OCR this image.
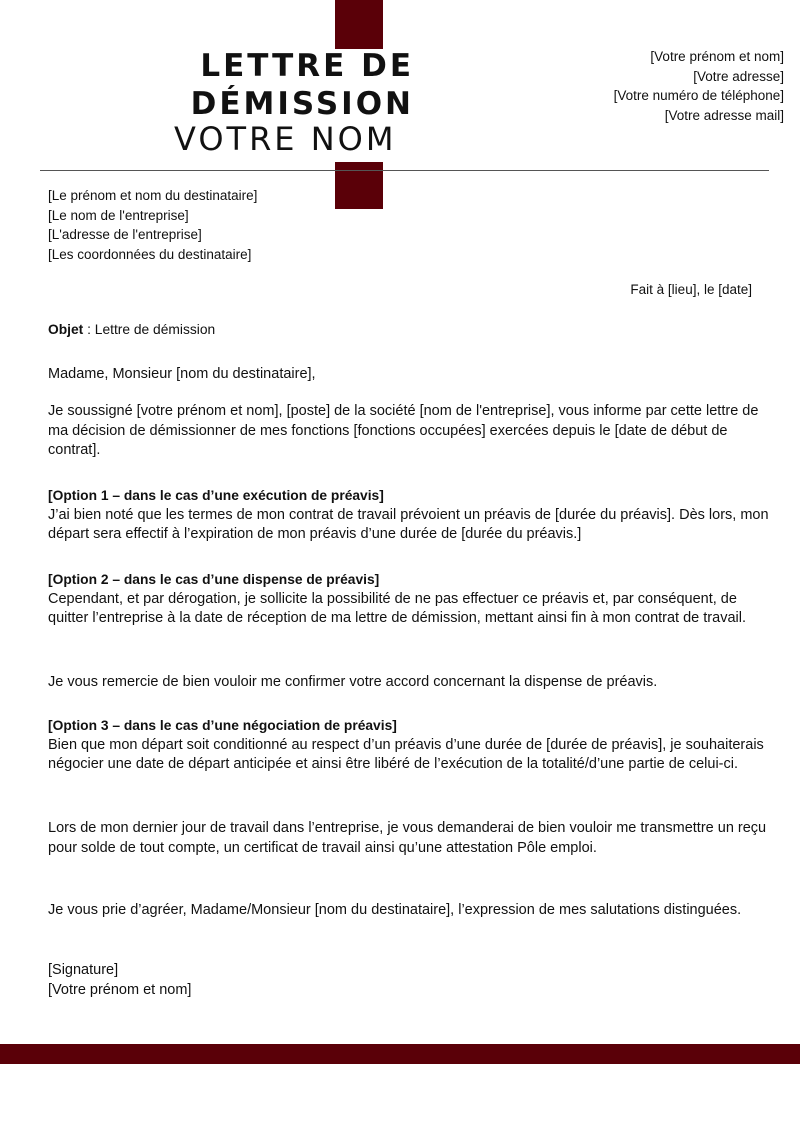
LETTRE DE
DÉMISSION
VOTRE NOM
[Votre prénom et nom]
[Votre adresse]
[Votre numéro de téléphone]
[Votre adresse mail]
[Le prénom et nom du destinataire]
[Le nom de l'entreprise]
[L'adresse de l'entreprise]
[Les coordonnées du destinataire]
Fait à [lieu], le [date]
Objet : Lettre de démission
Madame, Monsieur [nom du destinataire],
Je soussigné [votre prénom et nom], [poste] de la société [nom de l'entreprise], vous informe par cette lettre de ma décision de démissionner de mes fonctions [fonctions occupées] exercées depuis le [date de début de contrat].

[Option 1 – dans le cas d’une exécution de préavis]

J’ai bien noté que les termes de mon contrat de travail prévoient un préavis de [durée du préavis]. Dès lors, mon départ sera effectif à l’expiration de mon préavis d’une durée de [durée du préavis.]

[Option 2 – dans le cas d’une dispense de préavis]

Cependant, et par dérogation, je sollicite la possibilité de ne pas effectuer ce préavis et, par conséquent, de quitter l’entreprise à la date de réception de ma lettre de démission, mettant ainsi fin à mon contrat de travail.

Je vous remercie de bien vouloir me confirmer votre accord concernant la dispense de préavis.

[Option 3 – dans le cas d’une négociation de préavis]

Bien que mon départ soit conditionné au respect d’un préavis d’une durée de [durée de préavis], je souhaiterais négocier une date de départ anticipée et ainsi être libéré de l’exécution de la totalité/d’une partie de celui-ci.

Lors de mon dernier jour de travail dans l’entreprise, je vous demanderai de bien vouloir me transmettre un reçu pour solde de tout compte, un certificat de travail ainsi qu’une attestation Pôle emploi.
Je vous prie d’agréer, Madame/Monsieur [nom du destinataire], l’expression de mes salutations distinguées.

[Signature]

[Votre prénom et nom]
